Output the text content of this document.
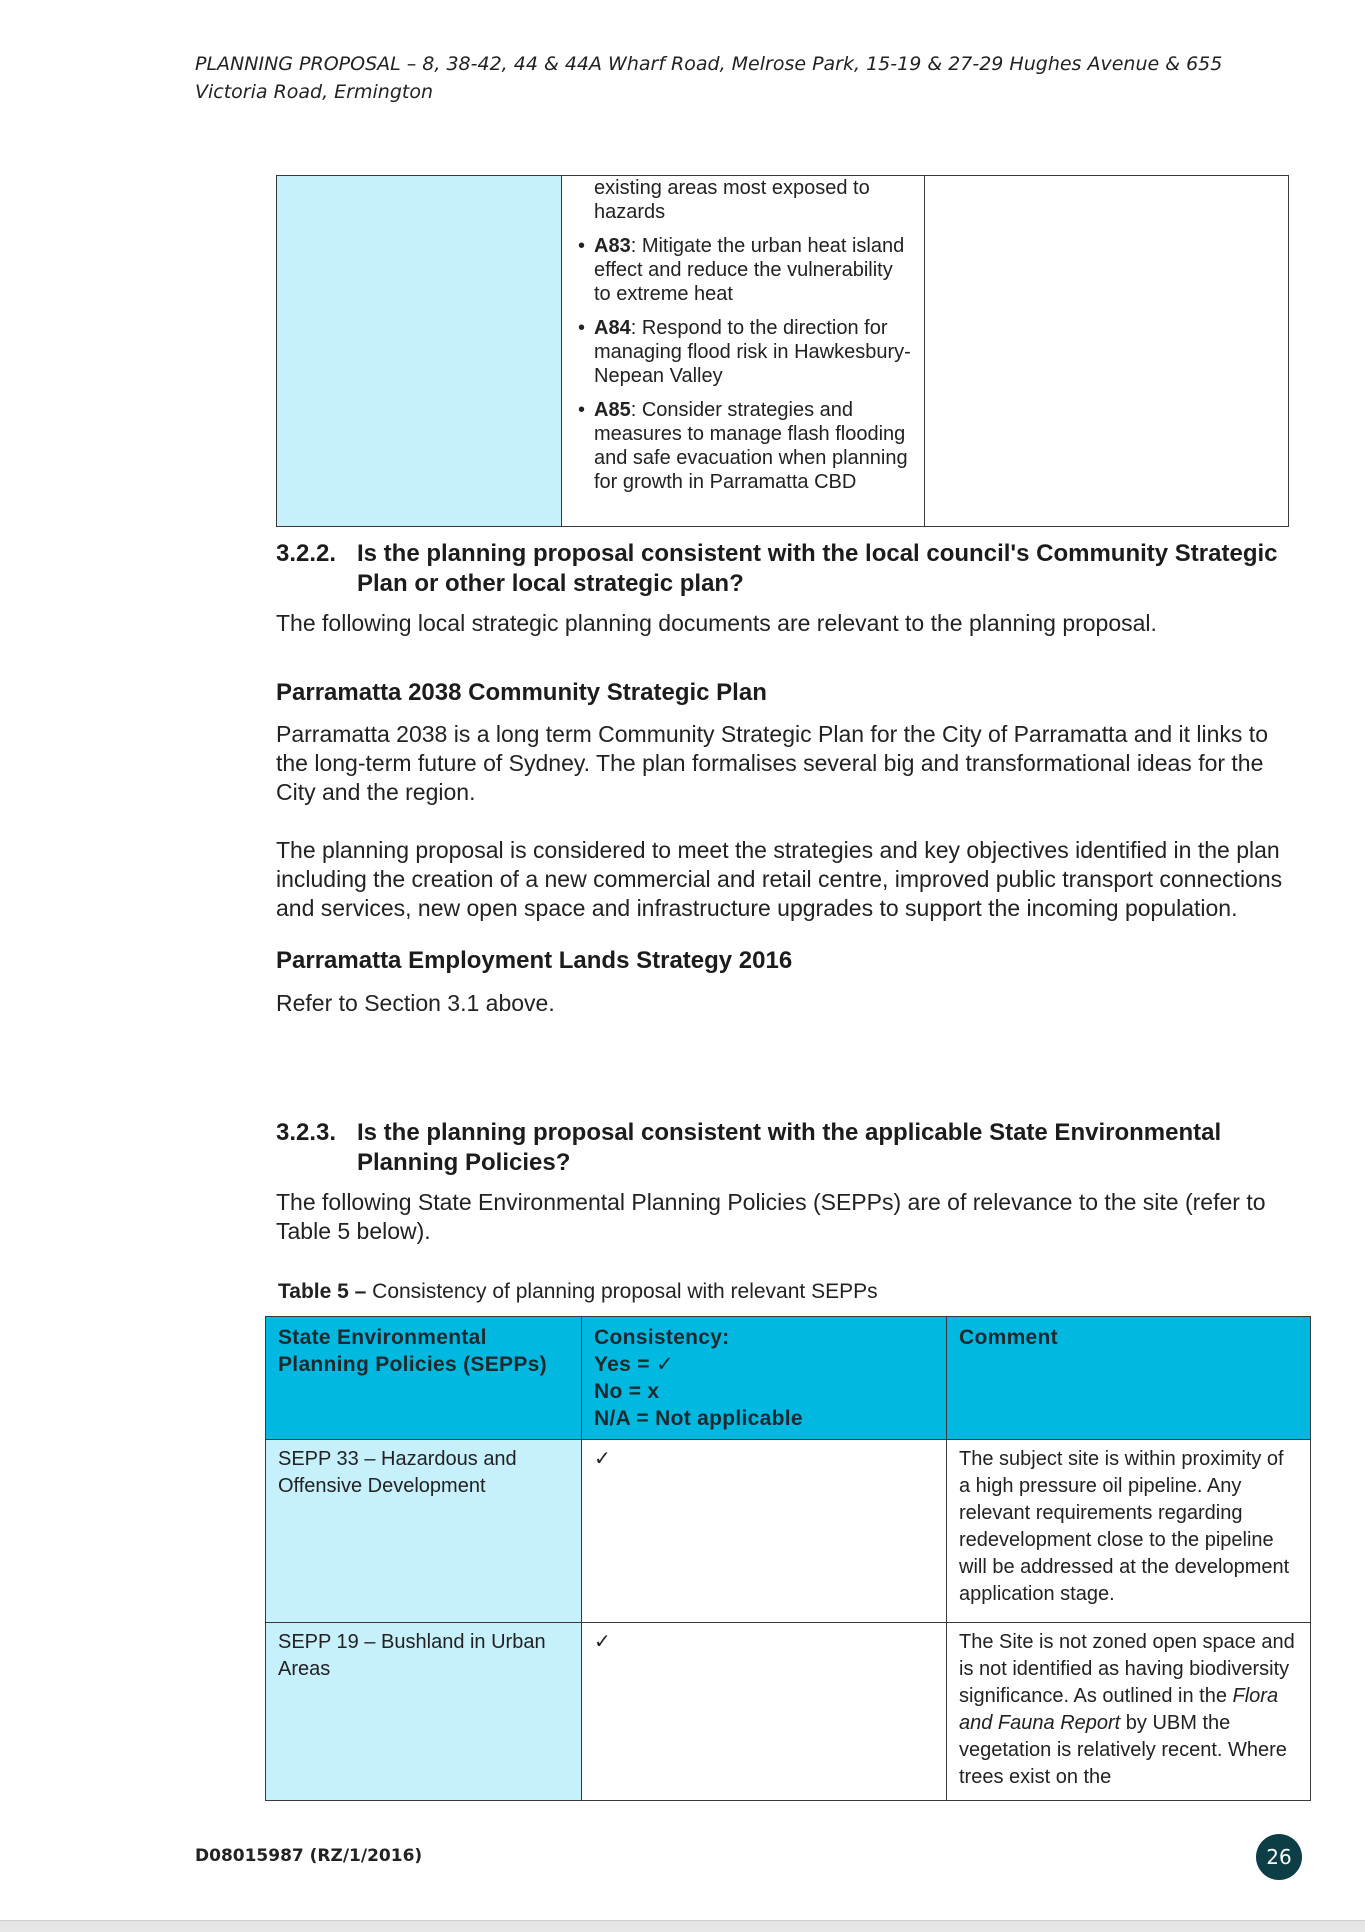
PLANNING PROPOSAL – 8, 38-42, 44 & 44A Wharf Road, Melrose Park, 15-19 & 27-29 Hughes Avenue & 655 Victoria Road, Ermington
existing areas most exposed to hazards
• A83: Mitigate the urban heat island effect and reduce the vulnerability to extreme heat
• A84: Respond to the direction for managing flood risk in Hawkesbury-Nepean Valley
• A85: Consider strategies and measures to manage flash flooding and safe evacuation when planning for growth in Parramatta CBD
3.2.2. Is the planning proposal consistent with the local council's Community Strategic Plan or other local strategic plan?

The following local strategic planning documents are relevant to the planning proposal.

Parramatta 2038 Community Strategic Plan

Parramatta 2038 is a long term Community Strategic Plan for the City of Parramatta and it links to the long-term future of Sydney. The plan formalises several big and transformational ideas for the City and the region.

The planning proposal is considered to meet the strategies and key objectives identified in the plan including the creation of a new commercial and retail centre, improved public transport connections and services, new open space and infrastructure upgrades to support the incoming population.

Parramatta Employment Lands Strategy 2016

Refer to Section 3.1 above.

3.2.3. Is the planning proposal consistent with the applicable State Environmental Planning Policies?

The following State Environmental Planning Policies (SEPPs) are of relevance to the site (refer to Table 5 below).

Table 5 – Consistency of planning proposal with relevant SEPPs
State Environmental Planning Policies (SEPPs)	Consistency:
Yes = ✓
No = x
N/A = Not applicable	Comment
SEPP 33 – Hazardous and Offensive Development	✓	The subject site is within proximity of a high pressure oil pipeline. Any relevant requirements regarding redevelopment close to the pipeline will be addressed at the development application stage.
SEPP 19 – Bushland in Urban Areas	✓	The Site is not zoned open space and is not identified as having biodiversity significance. As outlined in the Flora and Fauna Report by UBM the vegetation is relatively recent. Where trees exist on the
D08015987 (RZ/1/2016)	26
